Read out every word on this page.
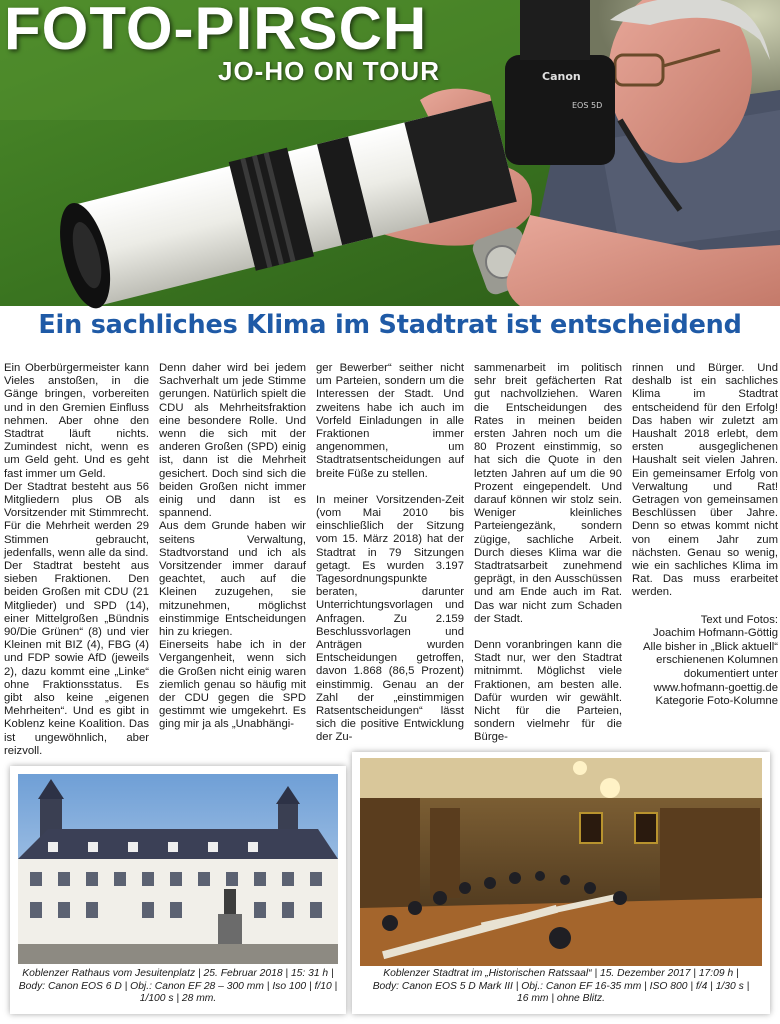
Canon
EOS 5D
FOTO-PIRSCH
JO-HO ON TOUR
Ein sachliches Klima im Stadtrat ist entscheidend

Ein Oberbürgermeister kann Vieles anstoßen, in die Gänge bringen, vorbereiten und in den Gremien Einfluss nehmen. Aber ohne den Stadtrat läuft nichts. Zumindest nicht, wenn es um Geld geht. Und es geht fast immer um Geld.

Der Stadtrat besteht aus 56 Mitgliedern plus OB als Vorsitzender mit Stimmrecht. Für die Mehrheit werden 29 Stimmen gebraucht, jedenfalls, wenn alle da sind.

Der Stadtrat besteht aus sieben Fraktionen. Den beiden Großen mit CDU (21 Mitglieder) und SPD (14), einer Mittelgroßen „Bündnis 90/Die Grünen“ (8) und vier Kleinen mit BIZ (4), FBG (4) und FDP sowie AfD (jeweils 2), dazu kommt eine „Linke“ ohne Fraktionsstatus. Es gibt also keine „eigenen Mehrheiten“. Und es gibt in Koblenz keine Koalition. Das ist ungewöhnlich, aber reizvoll.

Denn daher wird bei jedem Sachverhalt um jede Stimme gerungen. Natürlich spielt die CDU als Mehrheitsfraktion eine besondere Rolle. Und wenn die sich mit der anderen Großen (SPD) einig ist, dann ist die Mehrheit gesichert. Doch sind sich die beiden Großen nicht immer einig und dann ist es spannend.

Aus dem Grunde haben wir seitens Verwaltung, Stadtvorstand und ich als Vorsitzender immer darauf geachtet, auch auf die Kleinen zuzugehen, sie mitzunehmen, möglichst einstimmige Entscheidungen hin zu kriegen.

Einerseits habe ich in der Vergangenheit, wenn sich die Großen nicht einig waren ziemlich genau so häufig mit der CDU gegen die SPD gestimmt wie umgekehrt. Es ging mir ja als „Unabhängi-

ger Bewerber“ seither nicht um Parteien, sondern um die Interessen der Stadt. Und zweitens habe ich auch im Vorfeld Einladungen in alle Fraktionen immer angenommen, um Stadtratsentscheidungen auf breite Füße zu stellen.

In meiner Vorsitzenden-Zeit (vom Mai 2010 bis einschließlich der Sitzung vom 15. März 2018) hat der Stadtrat in 79 Sitzungen getagt. Es wurden 3.197 Tagesordnungspunkte beraten, darunter Unterrichtungsvorlagen und Anfragen. Zu 2.159 Beschlussvorlagen und Anträgen wurden Entscheidungen getroffen, davon 1.868 (86,5 Prozent) einstimmig. Genau an der Zahl der „einstimmigen Ratsentscheidungen“ lässt sich die positive Entwicklung der Zu-

sammenarbeit im politisch sehr breit gefächerten Rat gut nachvollziehen. Waren die Entscheidungen des Rates in meinen beiden ersten Jahren noch um die 80 Prozent einstimmig, so hat sich die Quote in den letzten Jahren auf um die 90 Prozent eingependelt. Und darauf können wir stolz sein. Weniger kleinliches Parteiengezänk, sondern zügige, sachliche Arbeit. Durch dieses Klima war die Stadtratsarbeit zunehmend geprägt, in den Ausschüssen und am Ende auch im Rat. Das war nicht zum Schaden der Stadt.

Denn voranbringen kann die Stadt nur, wer den Stadtrat mitnimmt. Möglichst viele Fraktionen, am besten alle. Dafür wurden wir gewählt. Nicht für die Parteien, sondern vielmehr für die Bürge-

rinnen und Bürger. Und deshalb ist ein sachliches Klima im Stadtrat entscheidend für den Erfolg! Das haben wir zuletzt am Haushalt 2018 erlebt, dem ersten ausgeglichenen Haushalt seit vielen Jahren. Ein gemeinsamer Erfolg von Verwaltung und Rat! Getragen von gemeinsamen Beschlüssen über Jahre. Denn so etwas kommt nicht von einem Jahr zum nächsten. Genau so wenig, wie ein sachliches Klima im Rat. Das muss erarbeitet werden.

Text und Fotos:
Joachim Hofmann-Göttig
Alle bisher in „Blick aktuell“
erschienenen Kolumnen
dokumentiert unter
www.hofmann-goettig.de
Kategorie Foto-Kolumne
Koblenzer Rathaus vom Jesuitenplatz | 25. Februar 2018 | 15: 31 h |
Body: Canon EOS 6 D | Obj.: Canon EF 28 – 300 mm | Iso 100 | f/10 |
1/100 s | 28 mm.
Koblenzer Stadtrat im „Historischen Ratssaal“ | 15. Dezember 2017 | 17:09 h |
Body: Canon EOS 5 D Mark III | Obj.: Canon EF 16-35 mm | ISO 800 | f/4 | 1/30 s |
16 mm | ohne Blitz.
